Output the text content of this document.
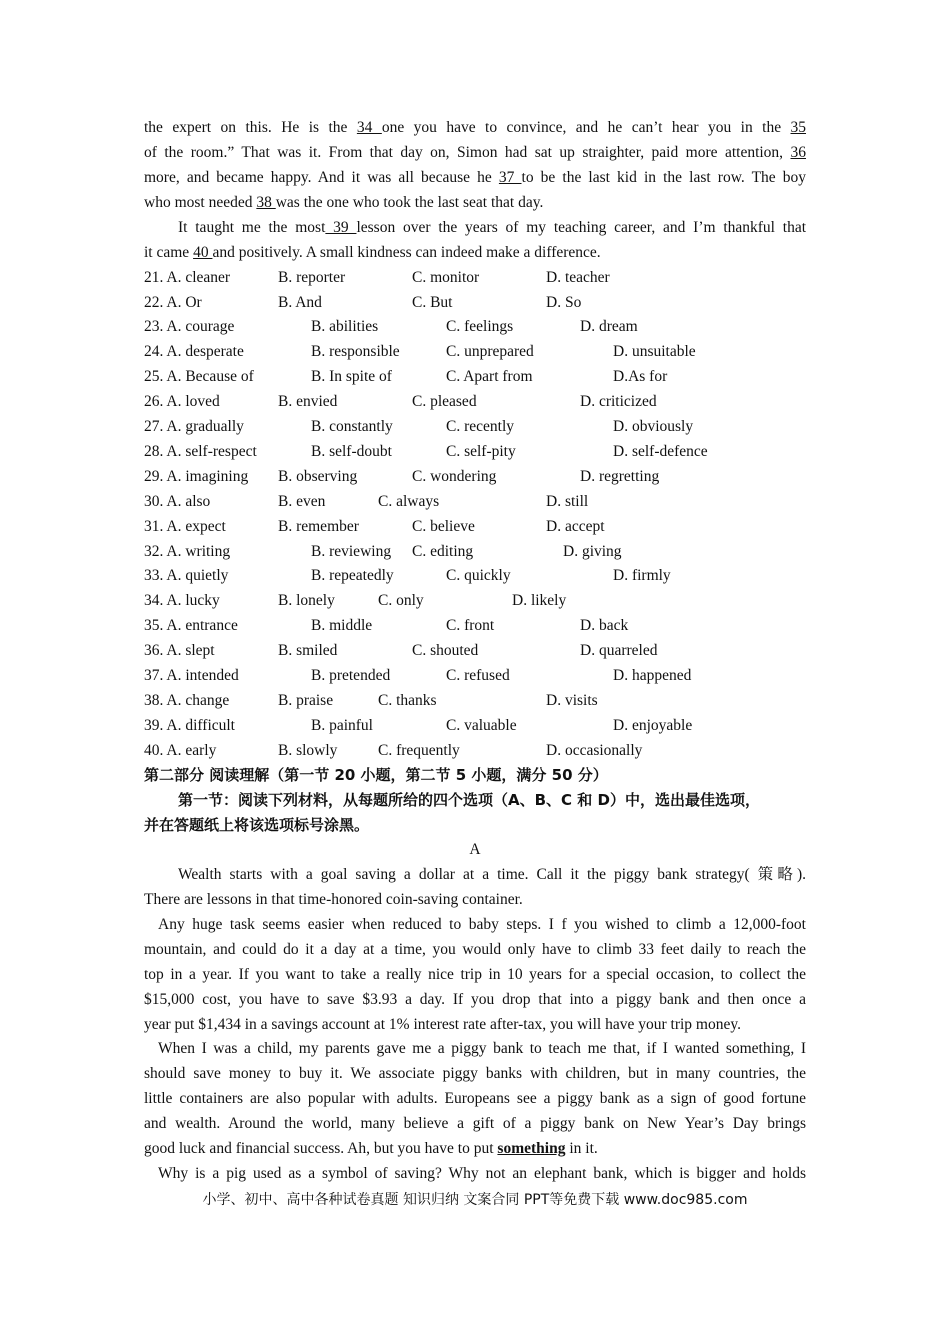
the expert on this. He is the 34 one you have to convince, and he can’t hear you in the 35
of the room.” That was it. From that day on, Simon had sat up straighter, paid more attention, 36
more, and became happy. And it was all because he 37 to be the last kid in the last row. The boy
who most needed 38 was the one who took the last seat that day.
It taught me the most 39 lesson over the years of my teaching career, and I’m thankful that
it came 40 and positively. A small kindness can indeed make a difference.
21. A. cleaner	B. reporter	C. monitor	D. teacher
22. A. Or	B. And	C. But	D. So
23. A. courage	B. abilities	C. feelings	D. dream
24. A. desperate	B. responsible	C. unprepared	D. unsuitable
25. A. Because of	B. In spite of	C. Apart from	D.As for
26. A. loved	B. envied	C. pleased	D. criticized
27. A. gradually	B. constantly	C. recently	D. obviously
28. A. self-respect	B. self-doubt	C. self-pity	D. self-defence
29. A. imagining B. observing	C. wondering	D. regretting
30. A. also	B. even	C. always	D. still
31. A. expect	B. remember	C. believe	D. accept
32. A. writing	B. reviewing C. editing	D. giving
33. A. quietly	B. repeatedly	C. quickly	D. firmly
34. A. lucky	B. lonely	C. only	D. likely
35. A. entrance	B. middle	C. front	D. back
36. A. slept	B. smiled	C. shouted	D. quarreled
37. A. intended	B. pretended	C. refused	D. happened
38. A. change	B. praise	C. thanks	D. visits
39. A. difficult	B. painful	C. valuable	D. enjoyable
40. A. early	B. slowly	C. frequently	D. occasionally
第二部分 阅读理解（第一节 20 小题，第二节 5 小题，满分 50 分）
第一节：阅读下列材料，从每题所给的四个选项（A、B、C 和 D）中，选出最佳选项，
并在答题纸上将该选项标号涂黑。
A
Wealth starts with a goal saving a dollar at a time. Call it the piggy bank strategy( 策略).
There are lessons in that time-honored coin-saving container.
Any huge task seems easier when reduced to baby steps. I f you wished to climb a 12,000-foot
mountain, and could do it a day at a time, you would only have to climb 33 feet daily to reach the
top in a year. If you want to take a really nice trip in 10 years for a special occasion, to collect the
$15,000 cost, you have to save $3.93 a day. If you drop that into a piggy bank and then once a
year put $1,434 in a savings account at 1% interest rate after-tax, you will have your trip money.
When I was a child, my parents gave me a piggy bank to teach me that, if I wanted something, I
should save money to buy it. We associate piggy banks with children, but in many countries, the
little containers are also popular with adults. Europeans see a piggy bank as a sign of good fortune
and wealth. Around the world, many believe a gift of a piggy bank on New Year’s Day brings
good luck and financial success. Ah, but you have to put something in it.
Why is a pig used as a symbol of saving? Why not an elephant bank, which is bigger and holds
小学、初中、高中各种试卷真题 知识归纳 文案合同 PPT等免费下载 www.doc985.com
